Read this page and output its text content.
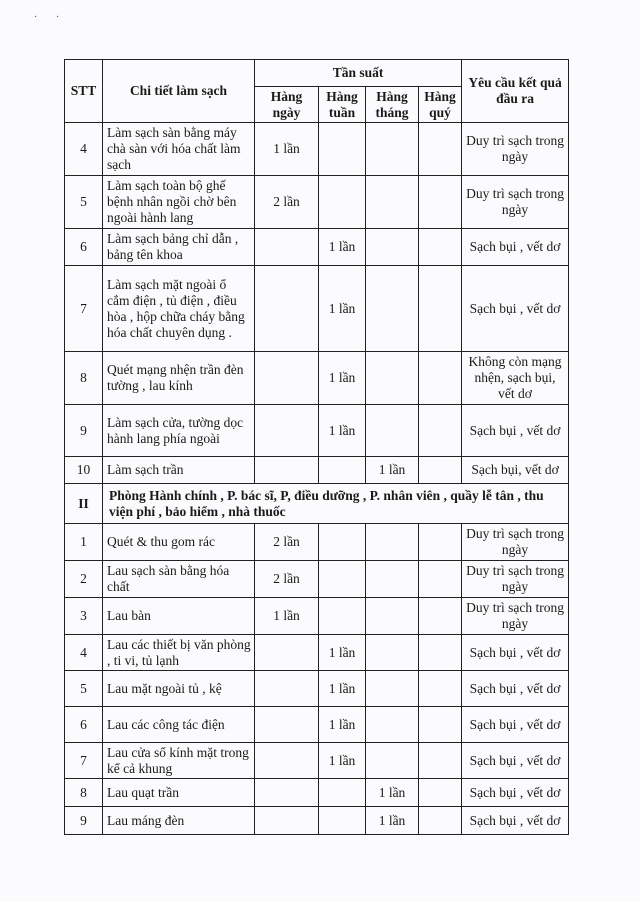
· ·
STT	Chi tiết làm sạch	Tần suất				Yêu cầu kết quả đầu ra
		Hàng ngày	Hàng tuần	Hàng tháng	Hàng quý	
4	Làm sạch sàn bằng máy chà sàn với hóa chất làm sạch	1 lần				Duy trì sạch trong ngày
5	Làm sạch toàn bộ ghế bệnh nhân ngồi chờ bên ngoài hành lang	2 lần				Duy trì sạch trong ngày
6	Làm sạch bảng chỉ dẫn , bảng tên khoa		1 lần			Sạch bụi , vết dơ
7	Làm sạch mặt ngoài ổ cắm điện , tủ điện , điều hòa , hộp chữa cháy bằng hóa chất chuyên dụng .		1 lần			Sạch bụi , vết dơ
8	Quét mạng nhện trần đèn tường , lau kính		1 lần			Không còn mạng nhện, sạch bụi, vết dơ
9	Làm sạch cửa, tường dọc hành lang phía ngoài		1 lần			Sạch bụi , vết dơ
10	Làm sạch trần			1 lần		Sạch bụi, vết dơ
II	Phòng Hành chính , P. bác sĩ, P, điều dưỡng , P. nhân viên , quầy lễ tân , thu viện phí , bảo hiểm , nhà thuốc					
1	Quét & thu gom rác	2 lần				Duy trì sạch trong ngày
2	Lau sạch sàn bằng hóa chất	2 lần				Duy trì sạch trong ngày
3	Lau bàn	1 lần				Duy trì sạch trong ngày
4	Lau các thiết bị văn phòng , ti vi, tủ lạnh		1 lần			Sạch bụi , vết dơ
5	Lau mặt ngoài tủ , kệ		1 lần			Sạch bụi , vết dơ
6	Lau các công tác điện		1 lần			Sạch bụi , vết dơ
7	Lau cửa sổ kính mặt trong kể cả khung		1 lần			Sạch bụi , vết dơ
8	Lau quạt trần			1 lần		Sạch bụi , vết dơ
9	Lau máng đèn			1 lần		Sạch bụi , vết dơ
